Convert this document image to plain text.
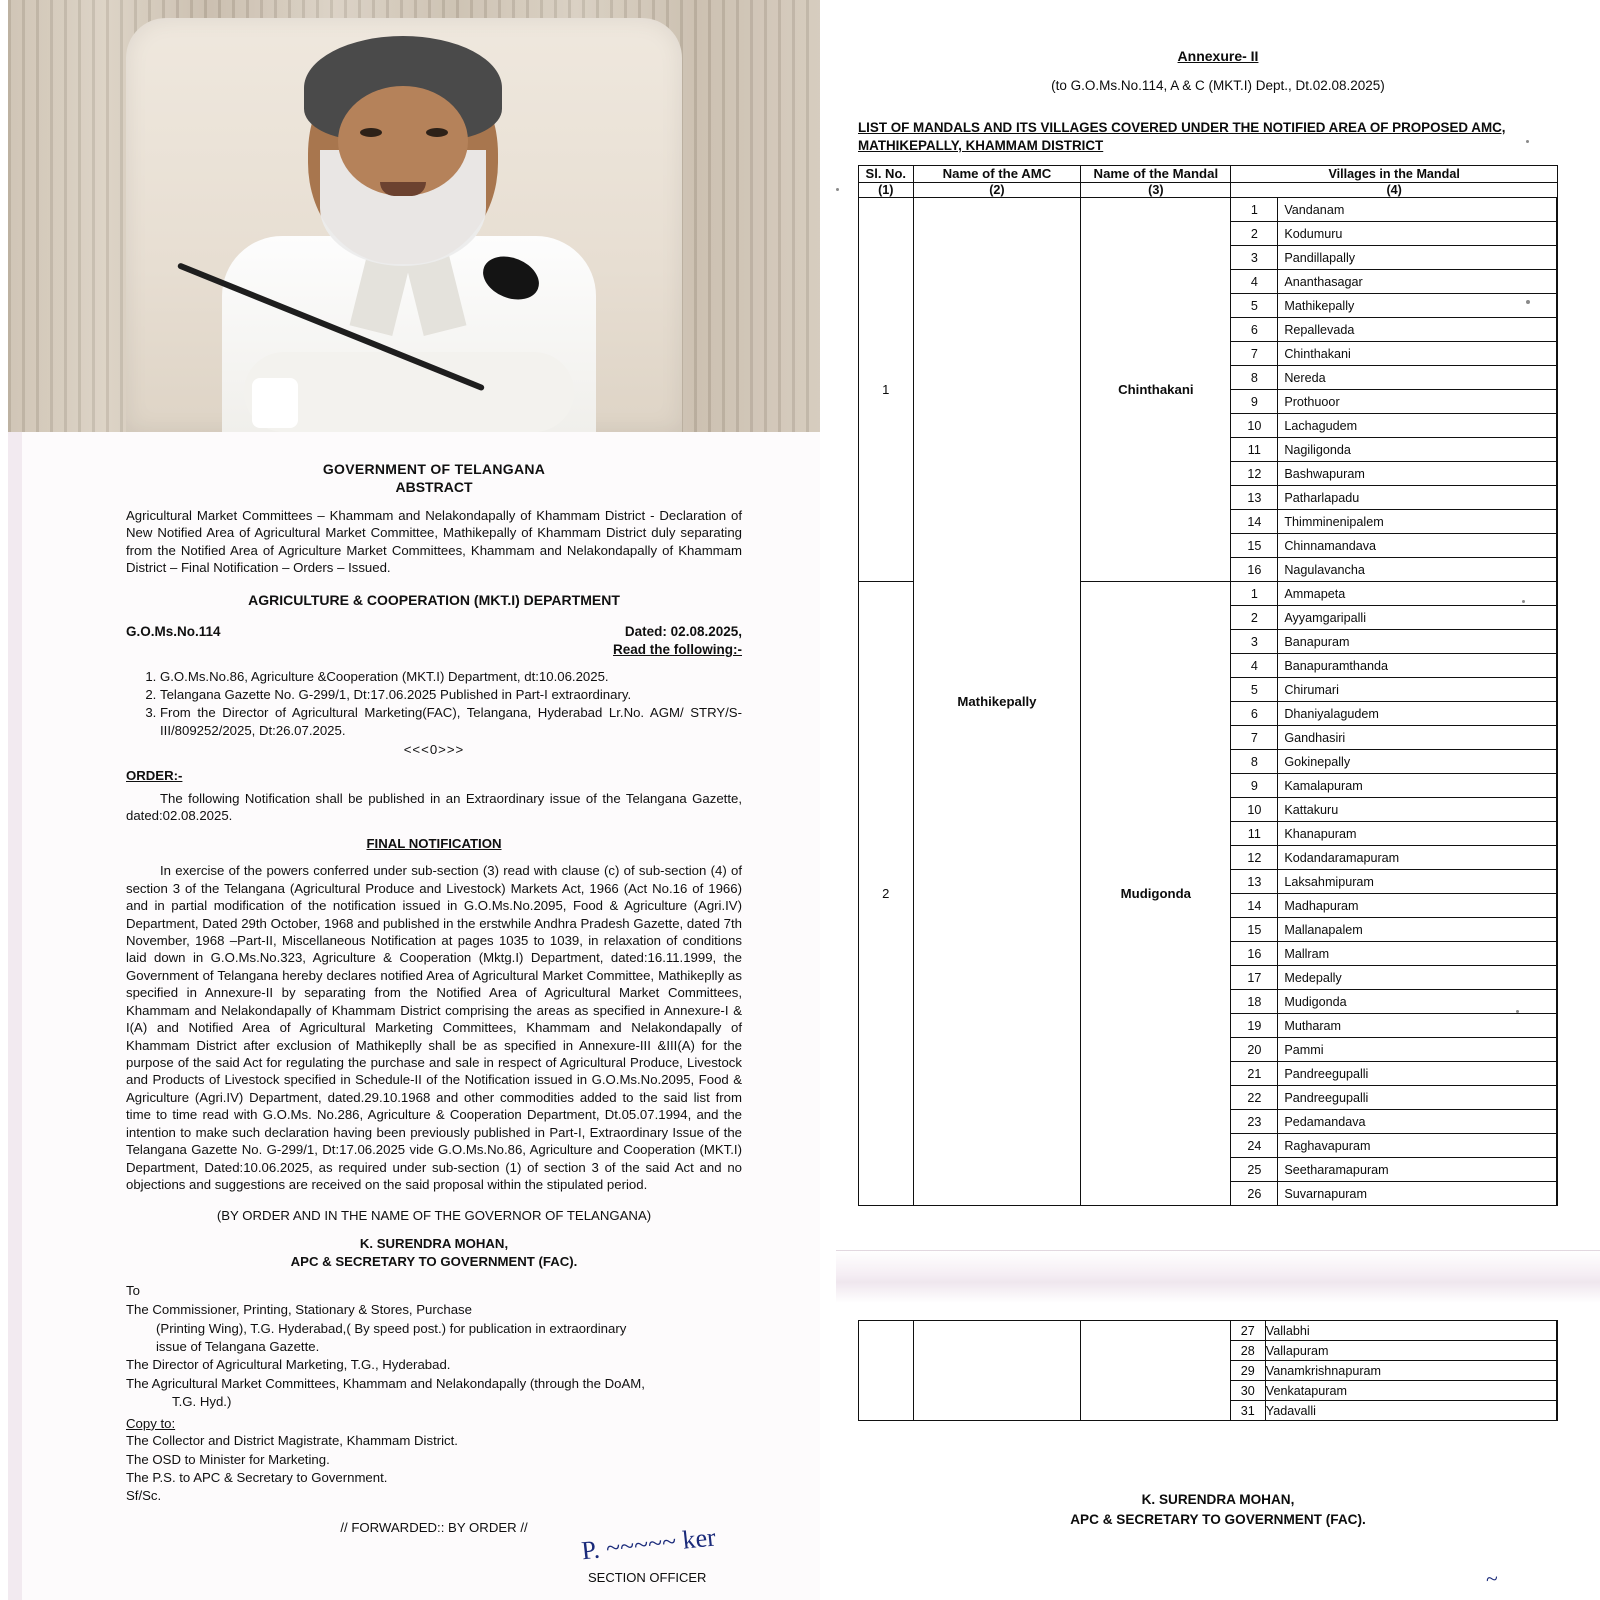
GOVERNMENT OF TELANGANA
ABSTRACT
Agricultural Market Committees – Khammam and Nelakondapally of Khammam District - Declaration of New Notified Area of Agricultural Market Committee, Mathikepally of Khammam District duly separating from the Notified Area of Agriculture Market Committees, Khammam and Nelakondapally of Khammam District – Final Notification – Orders – Issued.
AGRICULTURE & COOPERATION (MKT.I) DEPARTMENT
G.O.Ms.No.114	Dated: 02.08.2025,
Read the following:-
1. G.O.Ms.No.86, Agriculture &Cooperation (MKT.I) Department, dt:10.06.2025.
2. Telangana Gazette No. G-299/1, Dt:17.06.2025 Published in Part-I extraordinary.
3. From the Director of Agricultural Marketing(FAC), Telangana, Hyderabad Lr.No. AGM/ STRY/S-III/809252/2025, Dt:26.07.2025.
<<<0>>>
ORDER:-
The following Notification shall be published in an Extraordinary issue of the Telangana Gazette, dated:02.08.2025.
FINAL NOTIFICATION
In exercise of the powers conferred under sub-section (3) read with clause (c) of sub-section (4) of section 3 of the Telangana (Agricultural Produce and Livestock) Markets Act, 1966 (Act No.16 of 1966) and in partial modification of the notification issued in G.O.Ms.No.2095, Food & Agriculture (Agri.IV) Department, Dated 29th October, 1968 and published in the erstwhile Andhra Pradesh Gazette, dated 7th November, 1968 –Part-II, Miscellaneous Notification at pages 1035 to 1039, in relaxation of conditions laid down in G.O.Ms.No.323, Agriculture & Cooperation (Mktg.I) Department, dated:16.11.1999, the Government of Telangana hereby declares notified Area of Agricultural Market Committee, Mathikeplly as specified in Annexure-II by separating from the Notified Area of Agricultural Market Committees, Khammam and Nelakondapally of Khammam District comprising the areas as specified in Annexure-I & I(A) and Notified Area of Agricultural Marketing Committees, Khammam and Nelakondapally of Khammam District after exclusion of Mathikeplly shall be as specified in Annexure-III &III(A) for the purpose of the said Act for regulating the purchase and sale in respect of Agricultural Produce, Livestock and Products of Livestock specified in Schedule-II of the Notification issued in G.O.Ms.No.2095, Food & Agriculture (Agri.IV) Department, dated.29.10.1968 and other commodities added to the said list from time to time read with G.O.Ms. No.286, Agriculture & Cooperation Department, Dt.05.07.1994, and the intention to make such declaration having been previously published in Part-I, Extraordinary Issue of the Telangana Gazette No. G-299/1, Dt:17.06.2025 vide G.O.Ms.No.86, Agriculture and Cooperation (MKT.I) Department, Dated:10.06.2025, as required under sub-section (1) of section 3 of the said Act and no objections and suggestions are received on the said proposal within the stipulated period.
(BY ORDER AND IN THE NAME OF THE GOVERNOR OF TELANGANA)
K. SURENDRA MOHAN,
APC & SECRETARY TO GOVERNMENT (FAC).
To
The Commissioner, Printing, Stationary & Stores, Purchase
(Printing Wing), T.G. Hyderabad,( By speed post.) for publication in extraordinary
issue of Telangana Gazette.
The Director of Agricultural Marketing, T.G., Hyderabad.
The Agricultural Market Committees, Khammam and Nelakondapally (through the DoAM,
T.G. Hyd.)
Copy to:
The Collector and District Magistrate, Khammam District.
The OSD to Minister for Marketing.
The P.S. to APC & Secretary to Government.
Sf/Sc.
// FORWARDED:: BY ORDER //	P. ~~~~~ ker
SECTION OFFICER
Annexure- II
(to G.O.Ms.No.114, A & C (MKT.I) Dept., Dt.02.08.2025)
LIST OF MANDALS AND ITS VILLAGES COVERED UNDER THE NOTIFIED AREA OF PROPOSED AMC, MATHIKEPALLY, KHAMMAM DISTRICT
Sl. No.	Name of the AMC	Name of the Mandal	Villages in the Mandal
(1)	(2)	(3)	(4)
1	Mathikepally	Chinthakani	
1	Vandanam
2	Kodumuru
3	Pandillapally
4	Ananthasagar
5	Mathikepally
6	Repallevada
7	Chinthakani
8	Nereda
9	Prothuoor
10	Lachagudem
11	Nagiligonda
12	Bashwapuram
13	Patharlapadu
14	Thimminenipalem
15	Chinnamandava
16	Nagulavancha

2	Mudigonda	
1	Ammapeta
2	Ayyamgaripalli
3	Banapuram
4	Banapuramthanda
5	Chirumari
6	Dhaniyalagudem
7	Gandhasiri
8	Gokinepally
9	Kamalapuram
10	Kattakuru
11	Khanapuram
12	Kodandaramapuram
13	Laksahmipuram
14	Madhapuram
15	Mallanapalem
16	Mallram
17	Medepally
18	Mudigonda
19	Mutharam
20	Pammi
21	Pandreegupalli
22	Pandreegupalli
23	Pedamandava
24	Raghavapuram
25	Seetharamapuram
26	Suvarnapuram

27	Vallabhi
28	Vallapuram
29	Vanamkrishnapuram
30	Venkatapuram
31	Yadavalli
K. SURENDRA MOHAN,
APC & SECRETARY TO GOVERNMENT (FAC).
~
